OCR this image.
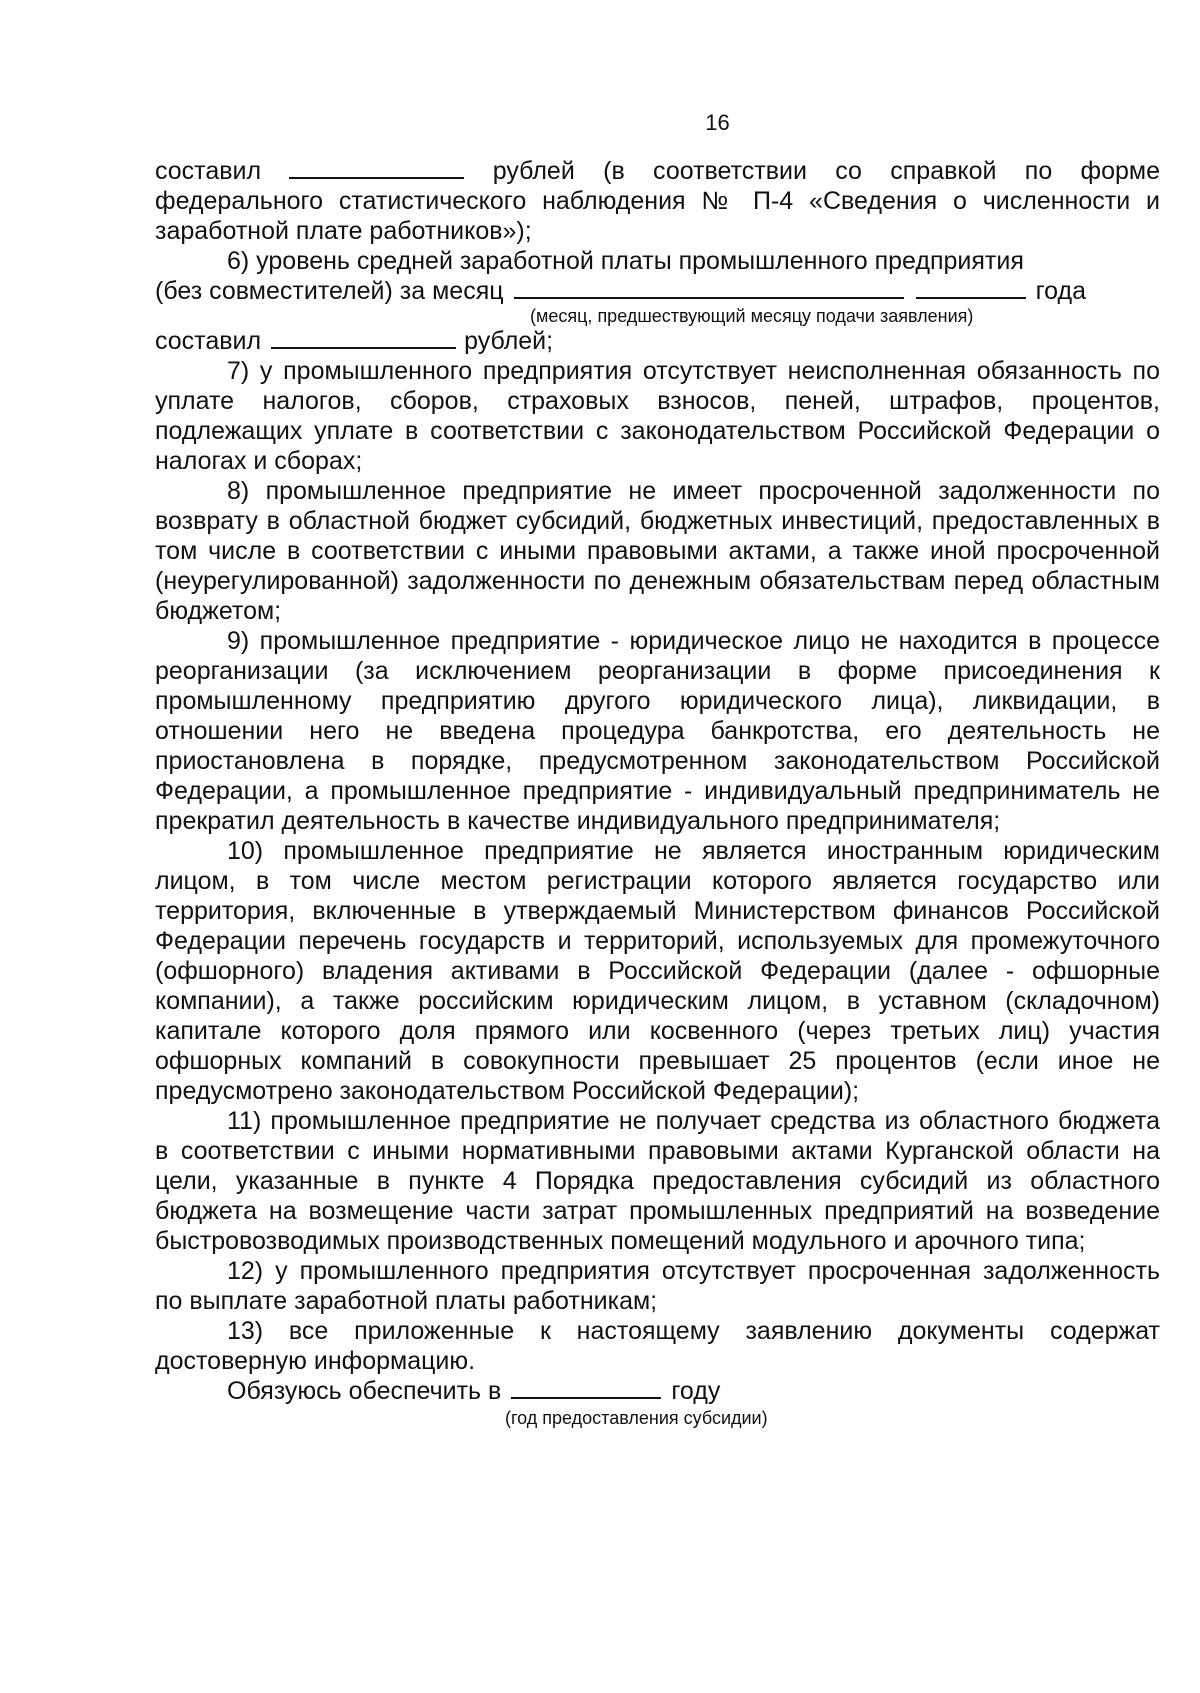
16

составил	рублей (в соответствии со справкой по форме федерального статистического наблюдения № П-4 «Сведения о численности и заработной плате работников»);

6) уровень средней заработной платы промышленного предприятия

(без совместителей) за месяц	года
(месяц, предшествующий месяцу подачи заявления)
составил	рублей;

7) у промышленного предприятия отсутствует неисполненная обязанность по уплате налогов, сборов, страховых взносов, пеней, штрафов, процентов, подлежащих уплате в соответствии с законодательством Российской Федерации о налогах и сборах;

8) промышленное предприятие не имеет просроченной задолженности по возврату в областной бюджет субсидий, бюджетных инвестиций, предоставленных в том числе в соответствии с иными правовыми актами, а также иной просроченной (неурегулированной) задолженности по денежным обязательствам перед областным бюджетом;

9) промышленное предприятие - юридическое лицо не находится в процессе реорганизации (за исключением реорганизации в форме присоединения к промышленному предприятию другого юридического лица), ликвидации, в отношении него не введена процедура банкротства, его деятельность не приостановлена в порядке, предусмотренном законодательством Российской Федерации, а промышленное предприятие - индивидуальный предприниматель не прекратил деятельность в качестве индивидуального предпринимателя;

10) промышленное предприятие не является иностранным юридическим лицом, в том числе местом регистрации которого является государство или территория, включенные в утверждаемый Министерством финансов Российской Федерации перечень государств и территорий, используемых для промежуточного (офшорного) владения активами в Российской Федерации (далее - офшорные компании), а также российским юридическим лицом, в уставном (складочном) капитале которого доля прямого или косвенного (через третьих лиц) участия офшорных компаний в совокупности превышает 25 процентов (если иное не предусмотрено законодательством Российской Федерации);

11) промышленное предприятие не получает средства из областного бюджета в соответствии с иными нормативными правовыми актами Курганской области на цели, указанные в пункте 4 Порядка предоставления субсидий из областного бюджета на возмещение части затрат промышленных предприятий на возведение быстровозводимых производственных помещений модульного и арочного типа;

12) у промышленного предприятия отсутствует просроченная задолженность по выплате заработной платы работникам;

13) все приложенные к настоящему заявлению документы содержат достоверную информацию.

Обязуюсь обеспечить в	году
(год предоставления субсидии)
